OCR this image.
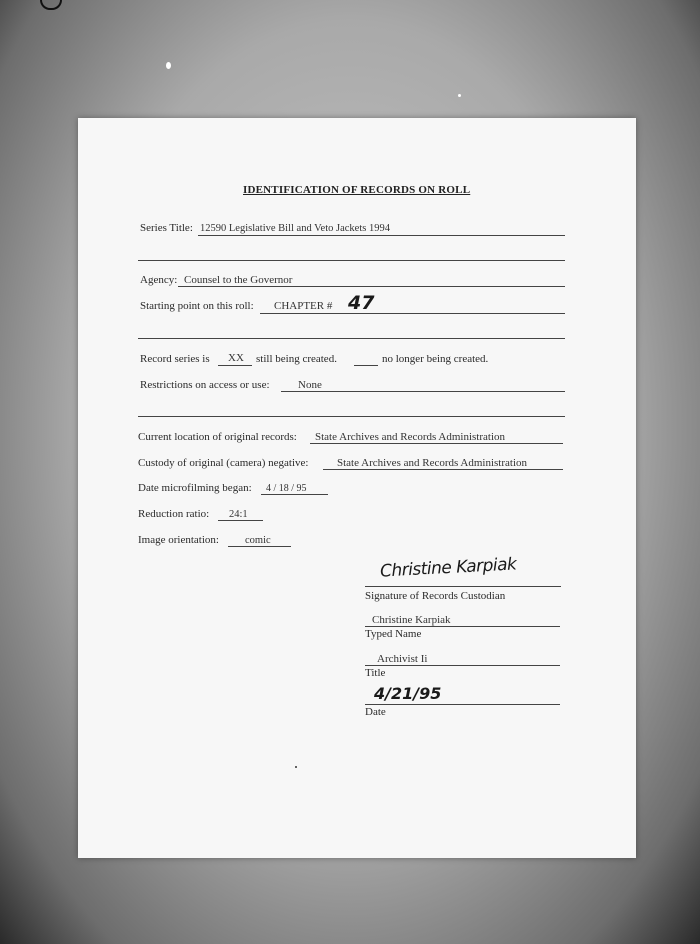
IDENTIFICATION OF RECORDS ON ROLL
Series Title: 12590 Legislative Bill and Veto Jackets 1994
Agency: Counsel to the Governor
Starting point on this roll: CHAPTER # 47
Record series is XX still being created.	no longer being created.
Restrictions on access or use:	None
Current location of original records: State Archives and Records Administration
Custody of original (camera) negative:	State Archives and Records Administration
Date microfilming began: 4 / 18 / 95
Reduction ratio: 24:1
Image orientation: comic
Christine Karpiak
Signature of Records Custodian
Christine Karpiak
Typed Name
Archivist Ii
Title
4/21/95
Date
